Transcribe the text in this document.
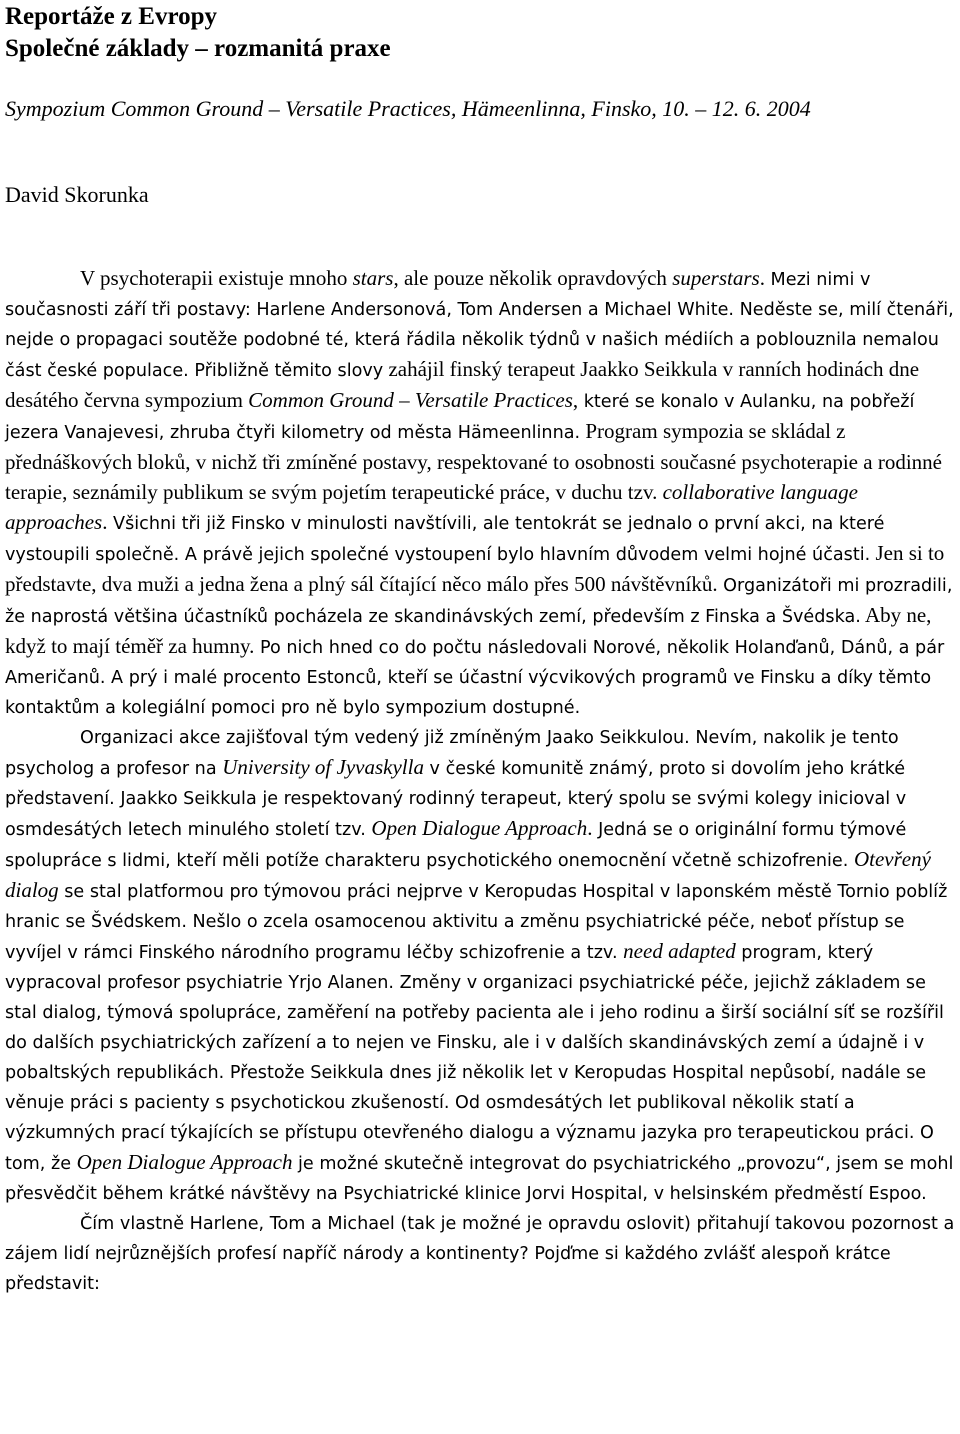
Reportáže z Evropy
Společné základy – rozmanitá praxe

Sympozium Common Ground – Versatile Practices, Hämeenlinna, Finsko, 10. – 12. 6. 2004

David Skorunka

V psychoterapii existuje mnoho stars, ale pouze několik opravdových superstars. Mezi nimi v současnosti září tři postavy: Harlene Andersonová, Tom Andersen a Michael White. Neděste se, milí čtenáři, nejde o propagaci soutěže podobné té, která řádila několik týdnů v našich médiích a poblouznila nemalou část české populace. Přibližně těmito slovy zahájil finský terapeut Jaakko Seikkula v ranních hodinách dne desátého června sympozium Common Ground – Versatile Practices, které se konalo v Aulanku, na pobřeží jezera Vanajevesi, zhruba čtyři kilometry od města Hämeenlinna. Program sympozia se skládal z přednáškových bloků, v nichž tři zmíněné postavy, respektované to osobnosti současné psychoterapie a rodinné terapie, seznámily publikum se svým pojetím terapeutické práce, v duchu tzv. collaborative language approaches. Všichni tři již Finsko v minulosti navštívili, ale tentokrát se jednalo o první akci, na které vystoupili společně. A právě jejich společné vystoupení bylo hlavním důvodem velmi hojné účasti. Jen si to představte, dva muži a jedna žena a plný sál čítající něco málo přes 500 návštěvníků. Organizátoři mi prozradili, že naprostá většina účastníků pocházela ze skandinávských zemí, především z Finska a Švédska. Aby ne, když to mají téměř za humny. Po nich hned co do počtu následovali Norové, několik Holanďanů, Dánů, a pár Američanů. A prý i malé procento Estonců, kteří se účastní výcvikových programů ve Finsku a díky těmto kontaktům a kolegiální pomoci pro ně bylo sympozium dostupné.

Organizaci akce zajišťoval tým vedený již zmíněným Jaako Seikkulou. Nevím, nakolik je tento psycholog a profesor na University of Jyvaskylla v české komunitě známý, proto si dovolím jeho krátké představení. Jaakko Seikkula je respektovaný rodinný terapeut, který spolu se svými kolegy inicioval v osmdesátých letech minulého století tzv. Open Dialogue Approach. Jedná se o originální formu týmové spolupráce s lidmi, kteří měli potíže charakteru psychotického onemocnění včetně schizofrenie. Otevřený dialog se stal platformou pro týmovou práci nejprve v Keropudas Hospital v laponském městě Tornio poblíž hranic se Švédskem. Nešlo o zcela osamocenou aktivitu a změnu psychiatrické péče, neboť přístup se vyvíjel v rámci Finského národního programu léčby schizofrenie a tzv. need adapted program, který vypracoval profesor psychiatrie Yrjo Alanen. Změny v organizaci psychiatrické péče, jejichž základem se stal dialog, týmová spolupráce, zaměření na potřeby pacienta ale i jeho rodinu a širší sociální síť se rozšířil do dalších psychiatrických zařízení a to nejen ve Finsku, ale i v dalších skandinávských zemí a údajně i v pobaltských republikách. Přestože Seikkula dnes již několik let v Keropudas Hospital nepůsobí, nadále se věnuje práci s pacienty s psychotickou zkušeností. Od osmdesátých let publikoval několik statí a výzkumných prací týkajících se přístupu otevřeného dialogu a významu jazyka pro terapeutickou práci. O tom, že Open Dialogue Approach je možné skutečně integrovat do psychiatrického „provozu“, jsem se mohl přesvědčit během krátké návštěvy na Psychiatrické klinice Jorvi Hospital, v helsinském předměstí Espoo.

Čím vlastně Harlene, Tom a Michael (tak je možné je opravdu oslovit) přitahují takovou pozornost a zájem lidí nejrůznějších profesí napříč národy a kontinenty? Pojďme si každého zvlášť alespoň krátce představit:
